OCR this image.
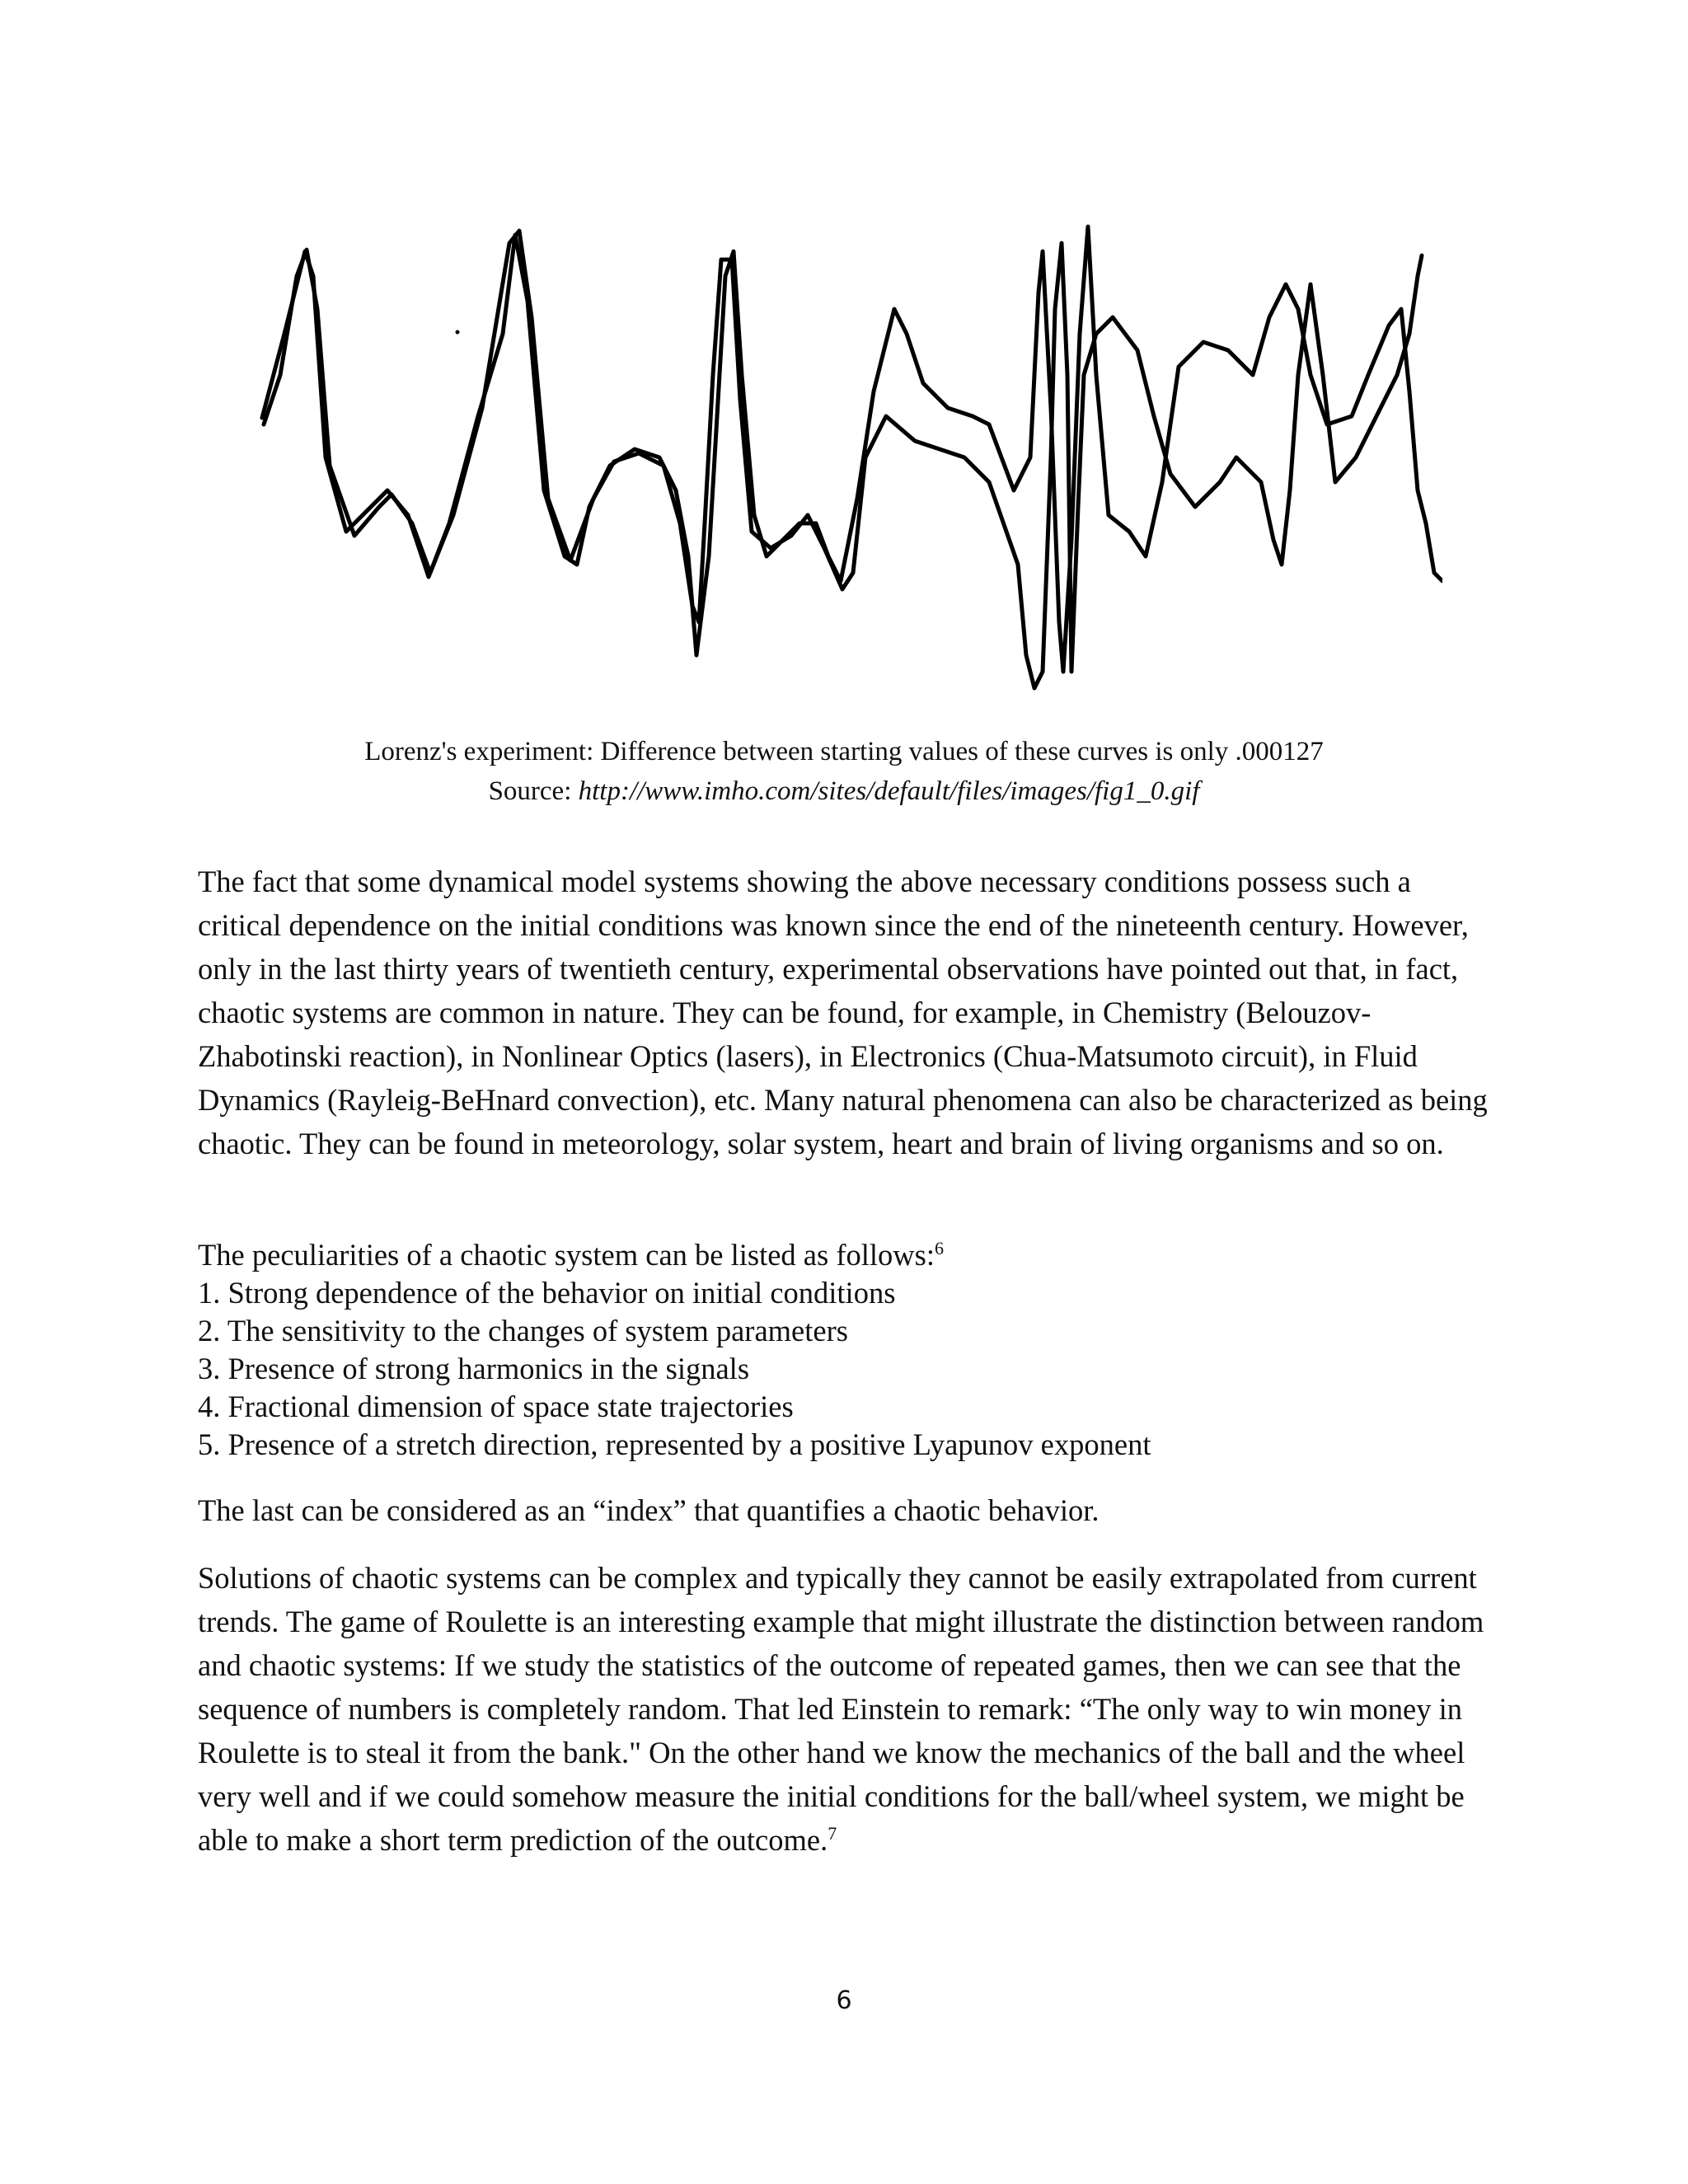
Lorenz's experiment: Difference between starting values of these curves is only .000127
Source: http://www.imho.com/sites/default/files/images/fig1_0.gif

The fact that some dynamical model systems showing the above necessary conditions possess such a critical dependence on the initial conditions was known since the end of the nineteenth century. However, only in the last thirty years of twentieth century, experimental observations have pointed out that, in fact, chaotic systems are common in nature. They can be found, for example, in Chemistry (Belouzov-Zhabotinski reaction), in Nonlinear Optics (lasers), in Electronics (Chua-Matsumoto circuit), in Fluid Dynamics (Rayleig-BeHnard convection), etc. Many natural phenomena can also be characterized as being chaotic. They can be found in meteorology, solar system, heart and brain of living organisms and so on.

The peculiarities of a chaotic system can be listed as follows:$^6$
1. Strong dependence of the behavior on initial conditions
2. The sensitivity to the changes of system parameters
3. Presence of strong harmonics in the signals
4. Fractional dimension of space state trajectories
5. Presence of a stretch direction, represented by a positive Lyapunov exponent

The last can be considered as an “index” that quantifies a chaotic behavior.

Solutions of chaotic systems can be complex and typically they cannot be easily extrapolated from current trends. The game of Roulette is an interesting example that might illustrate the distinction between random and chaotic systems: If we study the statistics of the outcome of repeated games, then we can see that the sequence of numbers is completely random. That led Einstein to remark: “The only way to win money in Roulette is to steal it from the bank." On the other hand we know the mechanics of the ball and the wheel very well and if we could somehow measure the initial conditions for the ball/wheel system, we might be able to make a short term prediction of the outcome.$^7$

6
